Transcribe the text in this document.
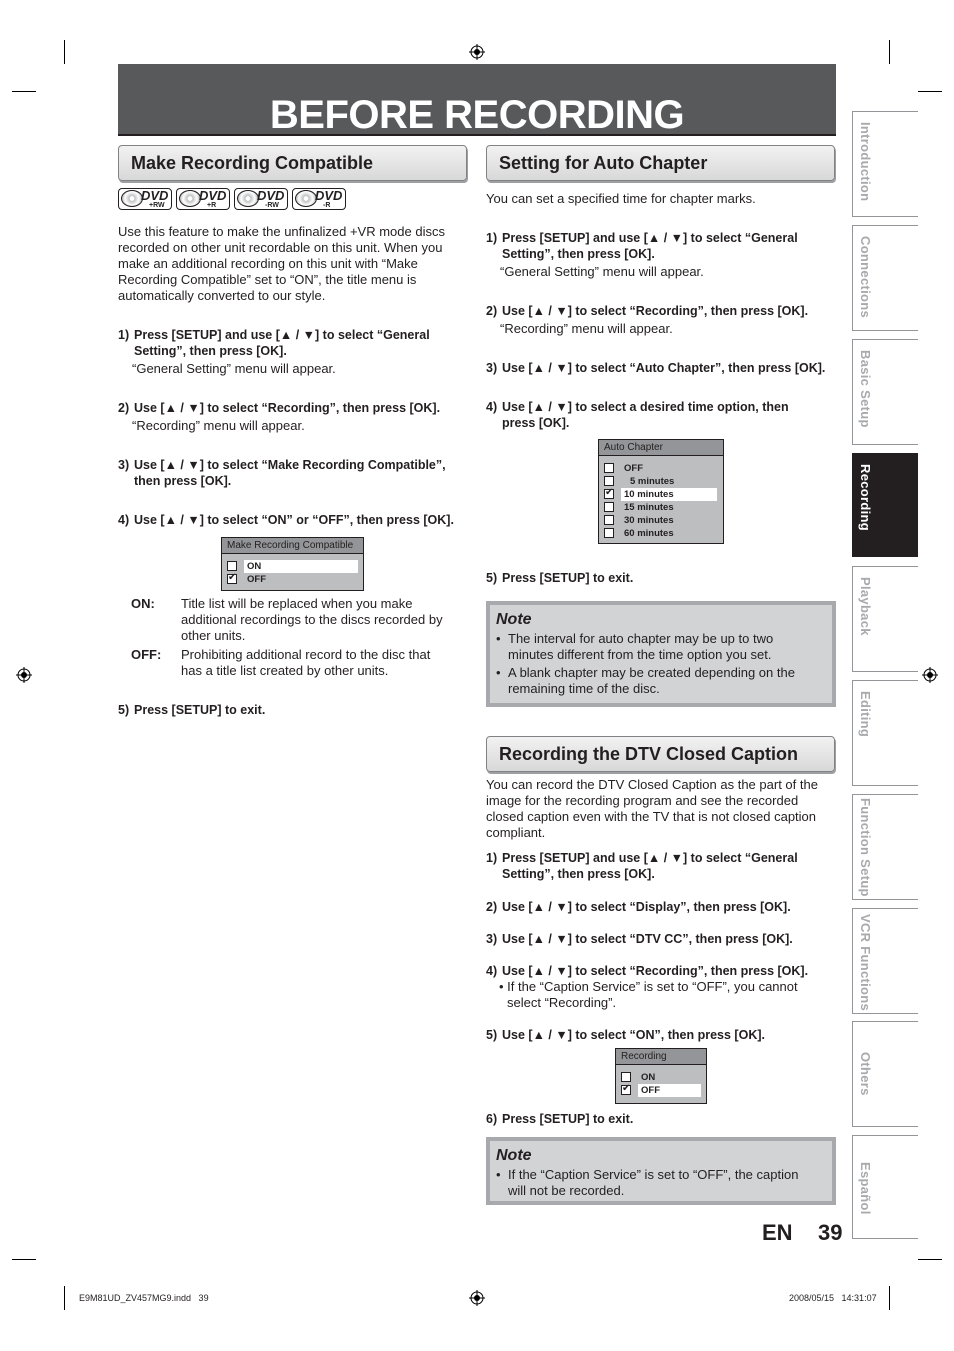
BEFORE RECORDING
Make Recording Compatible
DVD
+RW
DVD
+R
DVD
-RW
DVD
-R
Use this feature to make the unfinalized +VR mode discs
recorded on other unit recordable on this unit. When you
make an additional recording on this unit with “Make
Recording Compatible” set to “ON”, the title menu is
automatically converted to our style.
1) Press [SETUP] and use [▲ / ▼] to select “General
Setting”, then press [OK].
“General Setting” menu will appear.
2) Use [▲ / ▼] to select “Recording”, then press [OK].
“Recording” menu will appear.
3) Use [▲ / ▼] to select “Make Recording Compatible”,
then press [OK].
4) Use [▲ / ▼] to select “ON” or “OFF”, then press [OK].
Make Recording Compatible
ON
✔
OFF
ON: Title list will be replaced when you make
additional recordings to the discs recorded by
other units.
OFF: Prohibiting additional record to the disc that
has a title list created by other units.
5) Press [SETUP] to exit.
Setting for Auto Chapter
You can set a specified time for chapter marks.
1) Press [SETUP] and use [▲ / ▼] to select “General
Setting”, then press [OK].
“General Setting” menu will appear.
2) Use [▲ / ▼] to select “Recording”, then press [OK].
“Recording” menu will appear.
3) Use [▲ / ▼] to select “Auto Chapter”, then press [OK].
4) Use [▲ / ▼] to select a desired time option, then
press [OK].
Auto Chapter
OFF
5 minutes
✔
10 minutes
15 minutes
30 minutes
60 minutes
5) Press [SETUP] to exit.
Note
• The interval for auto chapter may be up to two
minutes different from the time option you set.
• A blank chapter may be created depending on the
remaining time of the disc.
Recording the DTV Closed Caption
You can record the DTV Closed Caption as the part of the
image for the recording program and see the recorded
closed caption even with the TV that is not closed caption
compliant.
1) Press [SETUP] and use [▲ / ▼] to select “General
Setting”, then press [OK].
2) Use [▲ / ▼] to select “Display”, then press [OK].
3) Use [▲ / ▼] to select “DTV CC”, then press [OK].
4) Use [▲ / ▼] to select “Recording”, then press [OK].
• If the “Caption Service” is set to “OFF”, you cannot
select “Recording”.
5) Use [▲ / ▼] to select “ON”, then press [OK].
Recording
ON
✔
OFF
6) Press [SETUP] to exit.
Note
• If the “Caption Service” is set to “OFF”, the caption
will not be recorded.
Introduction
Connections
Basic Setup
Recording
Playback
Editing
Function Setup
VCR Functions
Others
Español
EN 39
E9M81UD_ZV457MG9.indd   39	2008/05/15   14:31:07
